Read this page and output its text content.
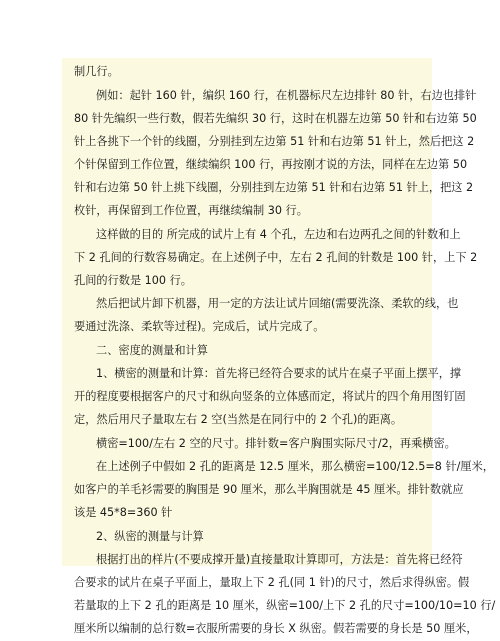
制几行。
例如：起针 160 针，编织 160 行，在机器标尺左边排针 80 针，右边也排针
80 针先编织一些行数，假若先编织 30 行，这时在机器左边第 50 针和右边第 50
针上各挑下一个针的线圈，分别挂到左边第 51 针和右边第 51 针上，然后把这 2
个针保留到工作位置，继续编织 100 行，再按刚才说的方法，同样在左边第 50
针和右边第 50 针上挑下线圈，分别挂到左边第 51 针和右边第 51 针上，把这 2
枚针，再保留到工作位置，再继续编制 30 行。
这样做的目的 所完成的试片上有 4 个孔，左边和右边两孔之间的针数和上
下 2 孔间的行数容易确定。在上述例子中，左右 2 孔间的针数是 100 针，上下 2
孔间的行数是 100 行。
然后把试片卸下机器，用一定的方法让试片回缩(需要洗涤、柔软的线，也
要通过洗涤、柔软等过程)。完成后，试片完成了。
二、密度的测量和计算
1、横密的测量和计算：首先将已经符合要求的试片在桌子平面上摆平，撑
开的程度要根据客户的尺寸和纵向竖条的立体感而定，将试片的四个角用图钉固
定，然后用尺子量取左右 2 空(当然是在同行中的 2 个孔)的距离。
横密=100/左右 2 空的尺寸。排针数=客户胸围实际尺寸/2，再乘横密。
在上述例子中假如 2 孔的距离是 12.5 厘米，那么横密=100/12.5=8 针/厘米，
如客户的羊毛衫需要的胸围是 90 厘米，那么半胸围就是 45 厘米。排针数就应
该是 45*8=360 针
2、纵密的测量与计算
根据打出的样片(不要成撑开量)直接量取计算即可，方法是：首先将已经符
合要求的试片在桌子平面上，量取上下 2 孔(同 1 针)的尺寸，然后求得纵密。假
若量取的上下 2 孔的距离是 10 厘米，纵密=100/上下 2 孔的尺寸=100/10=10 行/
厘米所以编制的总行数=衣服所需要的身长 X 纵密。假若需要的身长是 50 厘米，
